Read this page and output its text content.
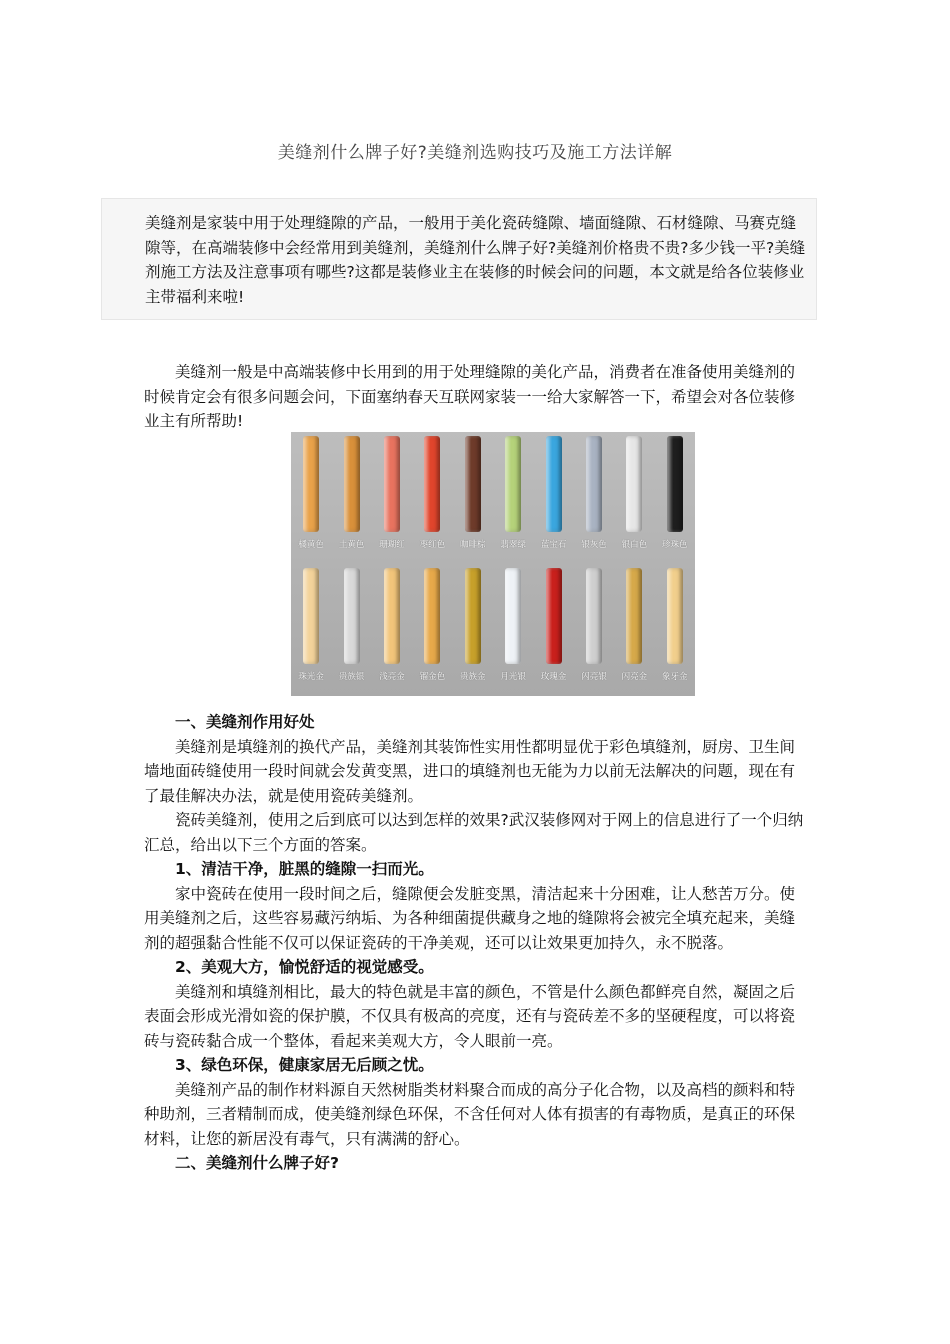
美缝剂什么牌子好?美缝剂选购技巧及施工方法详解
美缝剂是家装中用于处理缝隙的产品，一般用于美化瓷砖缝隙、墙面缝隙、石材缝隙、马赛克缝隙等，在高端装修中会经常用到美缝剂，美缝剂什么牌子好?美缝剂价格贵不贵?多少钱一平?美缝剂施工方法及注意事项有哪些?这都是装修业主在装修的时候会问的问题，本文就是给各位装修业主带福利来啦!

美缝剂一般是中高端装修中长用到的用于处理缝隙的美化产品，消费者在准备使用美缝剂的时候肯定会有很多问题会问，下面塞纳春天互联网家装一一给大家解答一下，希望会对各位装修业主有所帮助!

橘黄色	土黄色	珊瑚红	枣红色	咖啡棕	翡翠绿	蓝宝石	银灰色	银白色	珍珠色
珠光金	贵族银	浅亮金	镏金色	贵族金	月光银	玫瑰金	闪亮银	闪亮金	象牙金

一、美缝剂作用好处

美缝剂是填缝剂的换代产品，美缝剂其装饰性实用性都明显优于彩色填缝剂，厨房、卫生间墙地面砖缝使用一段时间就会发黄变黑，进口的填缝剂也无能为力以前无法解决的问题，现在有了最佳解决办法，就是使用瓷砖美缝剂。

瓷砖美缝剂，使用之后到底可以达到怎样的效果?武汉装修网对于网上的信息进行了一个归纳汇总，给出以下三个方面的答案。

1、清洁干净，脏黑的缝隙一扫而光。

家中瓷砖在使用一段时间之后，缝隙便会发脏变黑，清洁起来十分困难，让人愁苦万分。使用美缝剂之后，这些容易藏污纳垢、为各种细菌提供藏身之地的缝隙将会被完全填充起来，美缝剂的超强黏合性能不仅可以保证瓷砖的干净美观，还可以让效果更加持久，永不脱落。

2、美观大方，愉悦舒适的视觉感受。

美缝剂和填缝剂相比，最大的特色就是丰富的颜色，不管是什么颜色都鲜亮自然，凝固之后表面会形成光滑如瓷的保护膜，不仅具有极高的亮度，还有与瓷砖差不多的坚硬程度，可以将瓷砖与瓷砖黏合成一个整体，看起来美观大方，令人眼前一亮。

3、绿色环保，健康家居无后顾之忧。

美缝剂产品的制作材料源自天然树脂类材料聚合而成的高分子化合物，以及高档的颜料和特种助剂，三者精制而成，使美缝剂绿色环保，不含任何对人体有损害的有毒物质，是真正的环保材料，让您的新居没有毒气，只有满满的舒心。

二、美缝剂什么牌子好?
